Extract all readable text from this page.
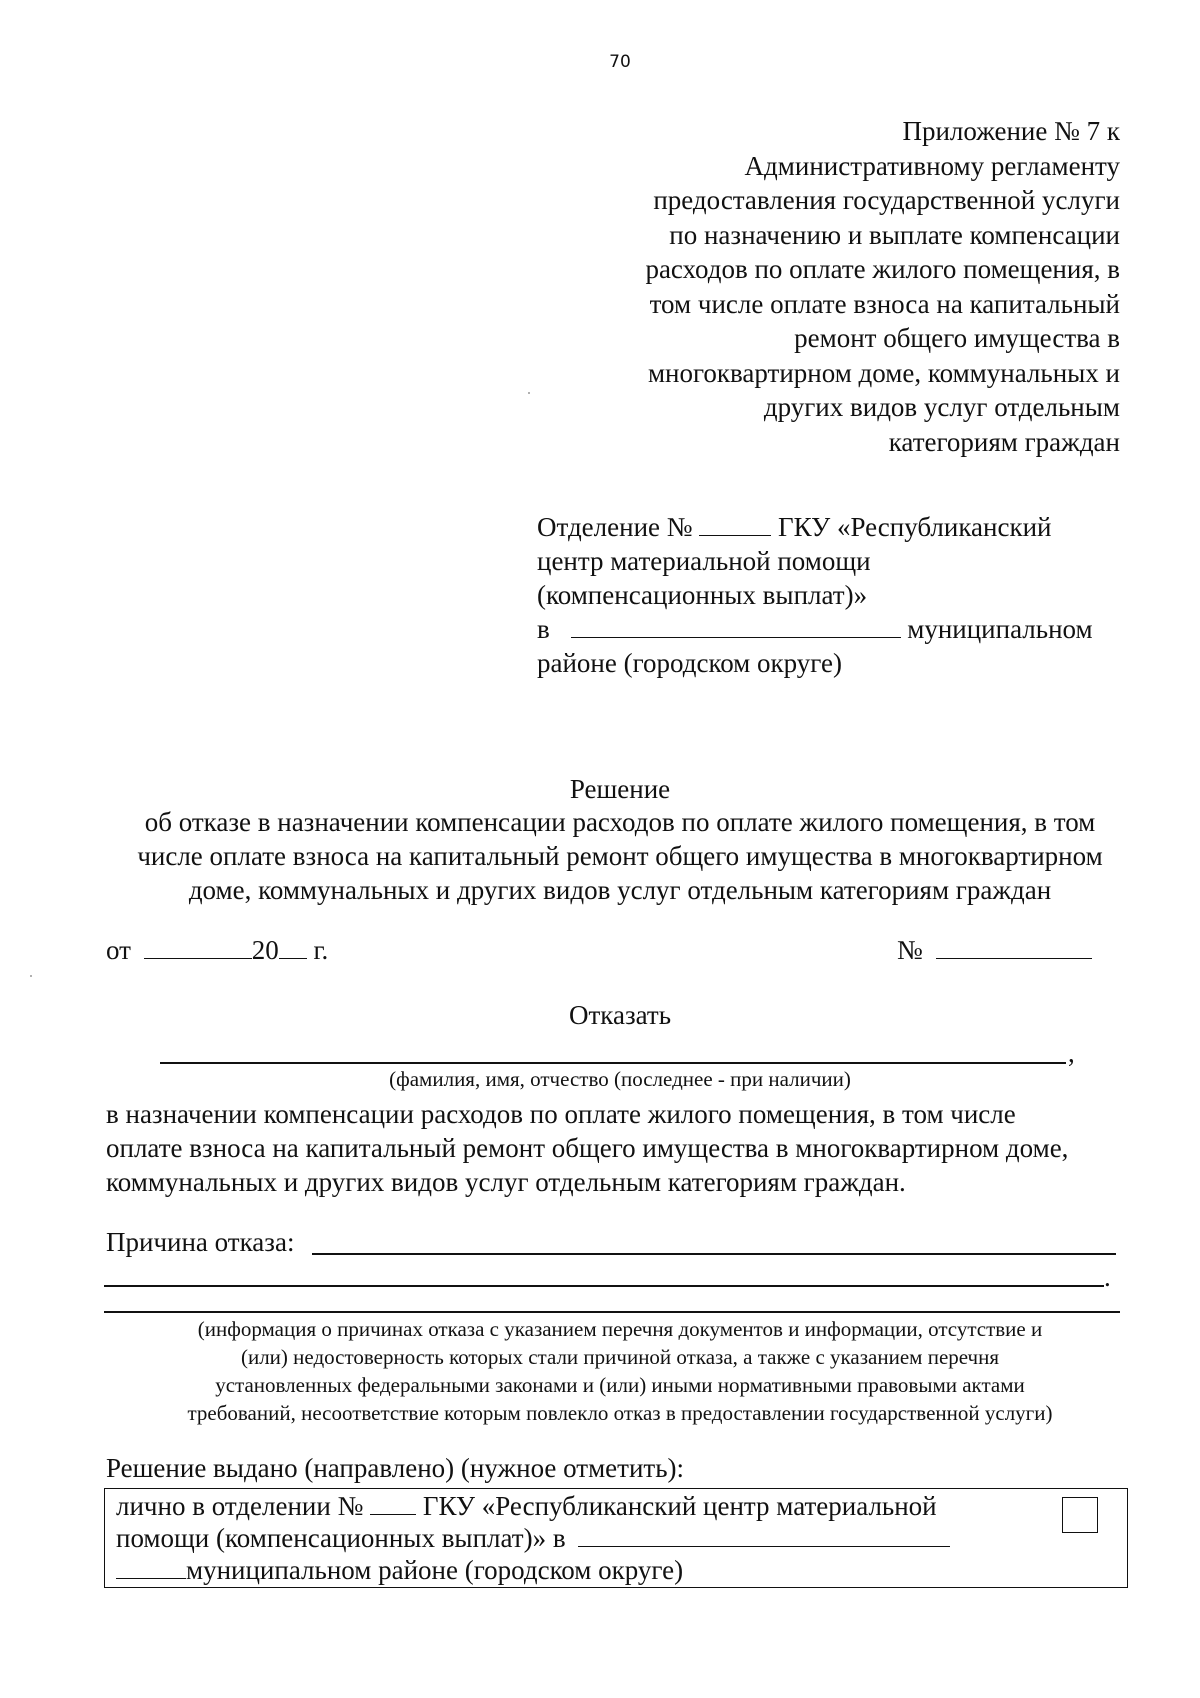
70
Приложение № 7 к
Административному регламенту
предоставления государственной услуги
по назначению и выплате компенсации
расходов по оплате жилого помещения, в
том числе оплате взноса на капитальный
ремонт общего имущества в
многоквартирном доме, коммунальных и
других видов услуг отдельным
категориям граждан
Отделение №	ГКУ «Республиканский
центр материальной помощи
(компенсационных выплат)»
в	муниципальном
районе (городском округе)
Решение
об отказе в назначении компенсации расходов по оплате жилого помещения, в том
числе оплате взноса на капитальный ремонт общего имущества в многоквартирном
доме, коммунальных и других видов услуг отдельным категориям граждан
от	20 г.	№
Отказать
,
(фамилия, имя, отчество (последнее - при наличии)
в назначении компенсации расходов по оплате жилого помещения, в том числе
оплате взноса на капитальный ремонт общего имущества в многоквартирном доме,
коммунальных и других видов услуг отдельным категориям граждан.
Причина отказа:
.
(информация о причинах отказа с указанием перечня документов и информации, отсутствие и
(или) недостоверность которых стали причиной отказа, а также с указанием перечня
установленных федеральными законами и (или) иными нормативными правовыми актами
требований, несоответствие которым повлекло отказ в предоставлении государственной услуги)
Решение выдано (направлено) (нужное отметить):
лично в отделении № ГКУ «Республиканский центр материальной
помощи (компенсационных выплат)» в
муниципальном районе (городском округе)
